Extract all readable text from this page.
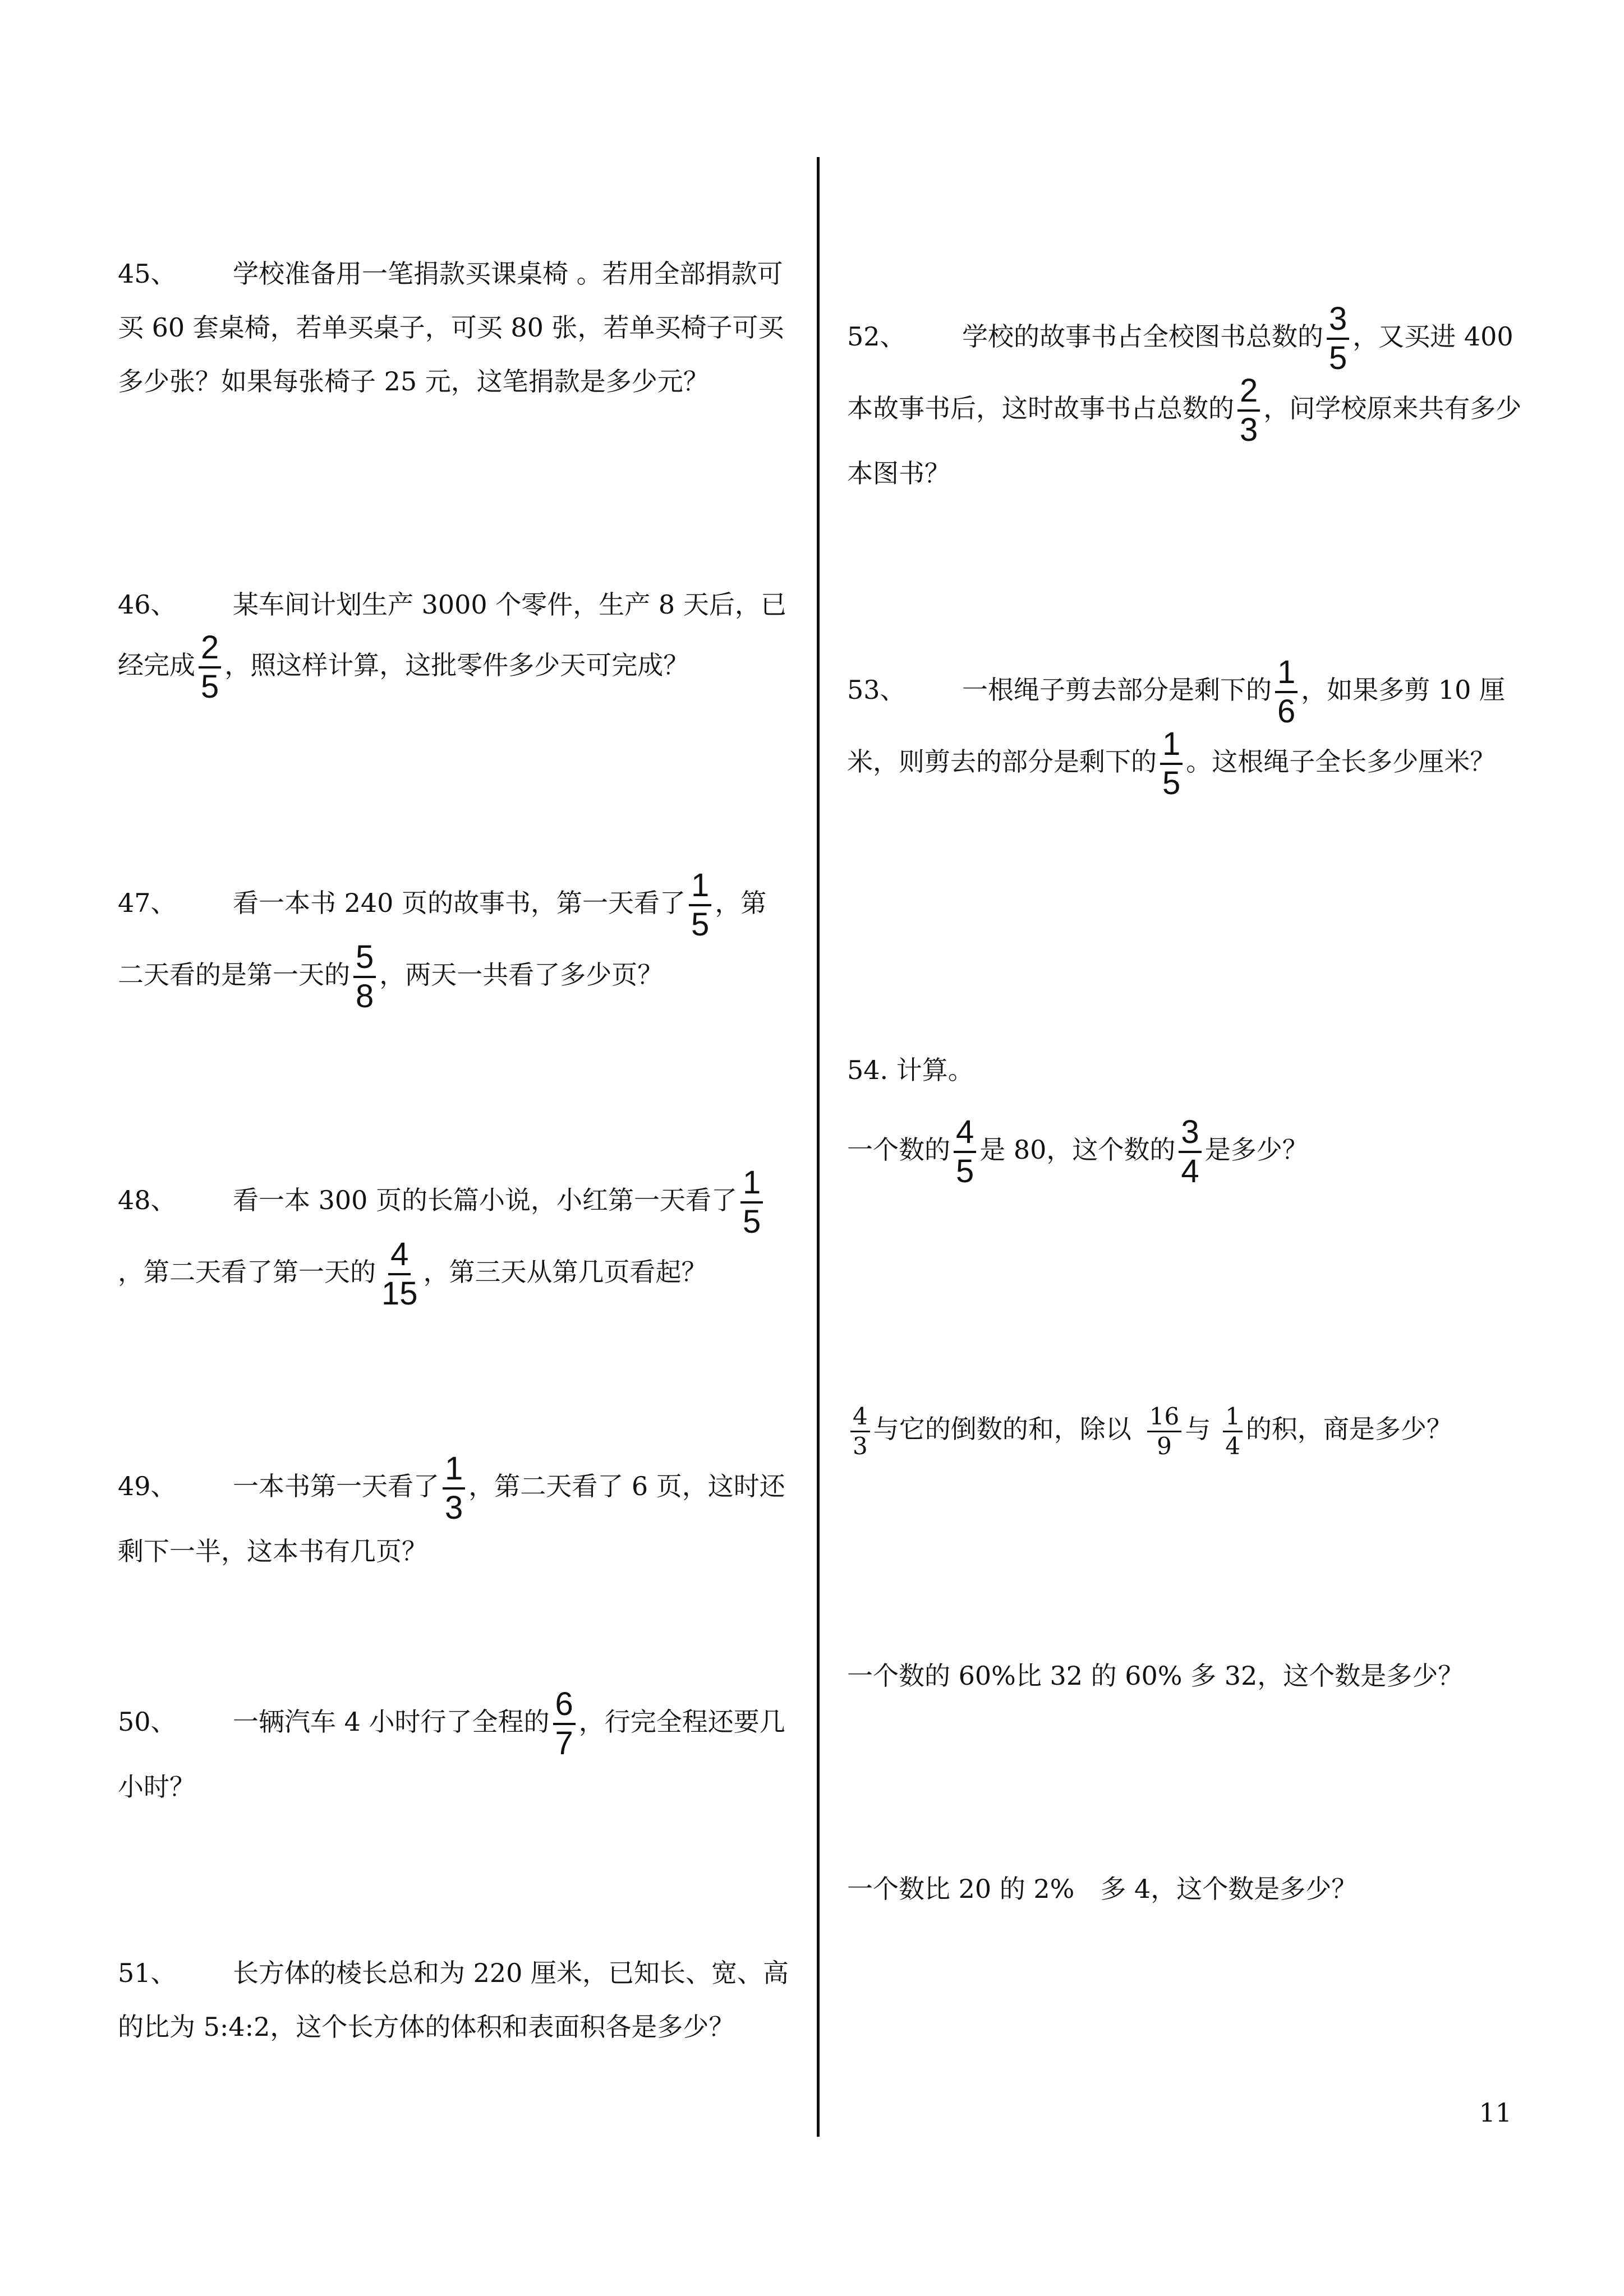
45、 学校准备用一笔捐款买课桌椅 。若用全部捐款可买 60 套桌椅，若单买桌子，可买 80 张，若单买椅子可买多少张？如果每张椅子 25 元，这笔捐款是多少元？
46、 某车间计划生产 3000 个零件，生产 8 天后，已经完成 $\frac{2}{5}$ ，照这样计算，这批零件多少天可完成？
47、 看一本书 240 页的故事书，第一天看了 $\frac{1}{5}$ ，第二天看的是第一天的 $\frac{5}{8}$ ，两天一共看了多少页？
48、 看一本 300 页的长篇小说，小红第一天看了 $\frac{1}{5}$
，第二天看了第一天的 $\frac{4}{15}$ ，第三天从第几页看起？
49、 一本书第一天看了 $\frac{1}{3}$ ，第二天看了 6 页，这时还剩下一半，这本书有几页？
50、 一辆汽车 4 小时行了全程的 $\frac{6}{7}$ ，行完全程还要几小时？
51、 长方体的棱长总和为 220 厘米，已知长、宽、高的比为 5:4:2，这个长方体的体积和表面积各是多少？
52、 学校的故事书占全校图书总数的 $\frac{3}{5}$ ，又买进 400 本故事书后，这时故事书占总数的 $\frac{2}{3}$ ，问学校原来共有多少本图书？
53、 一根绳子剪去部分是剩下的 $\frac{1}{6}$ ，如果多剪 10 厘米，则剪去的部分是剩下的 $\frac{1}{5}$ 。这根绳子全长多少厘米？
54. 计算。
一个数的 $\frac{4}{5}$ 是 80，这个数的 $\frac{3}{4}$ 是多少？
$\frac{4}{3}$ 与它的倒数的和，除以 $\frac{16}{9}$ 与 $\frac{1}{4}$ 的积，商是多少？
一个数的 60%比 32 的 60% 多 32，这个数是多少？
一个数比 20 的 2%　多 4，这个数是多少？
11
